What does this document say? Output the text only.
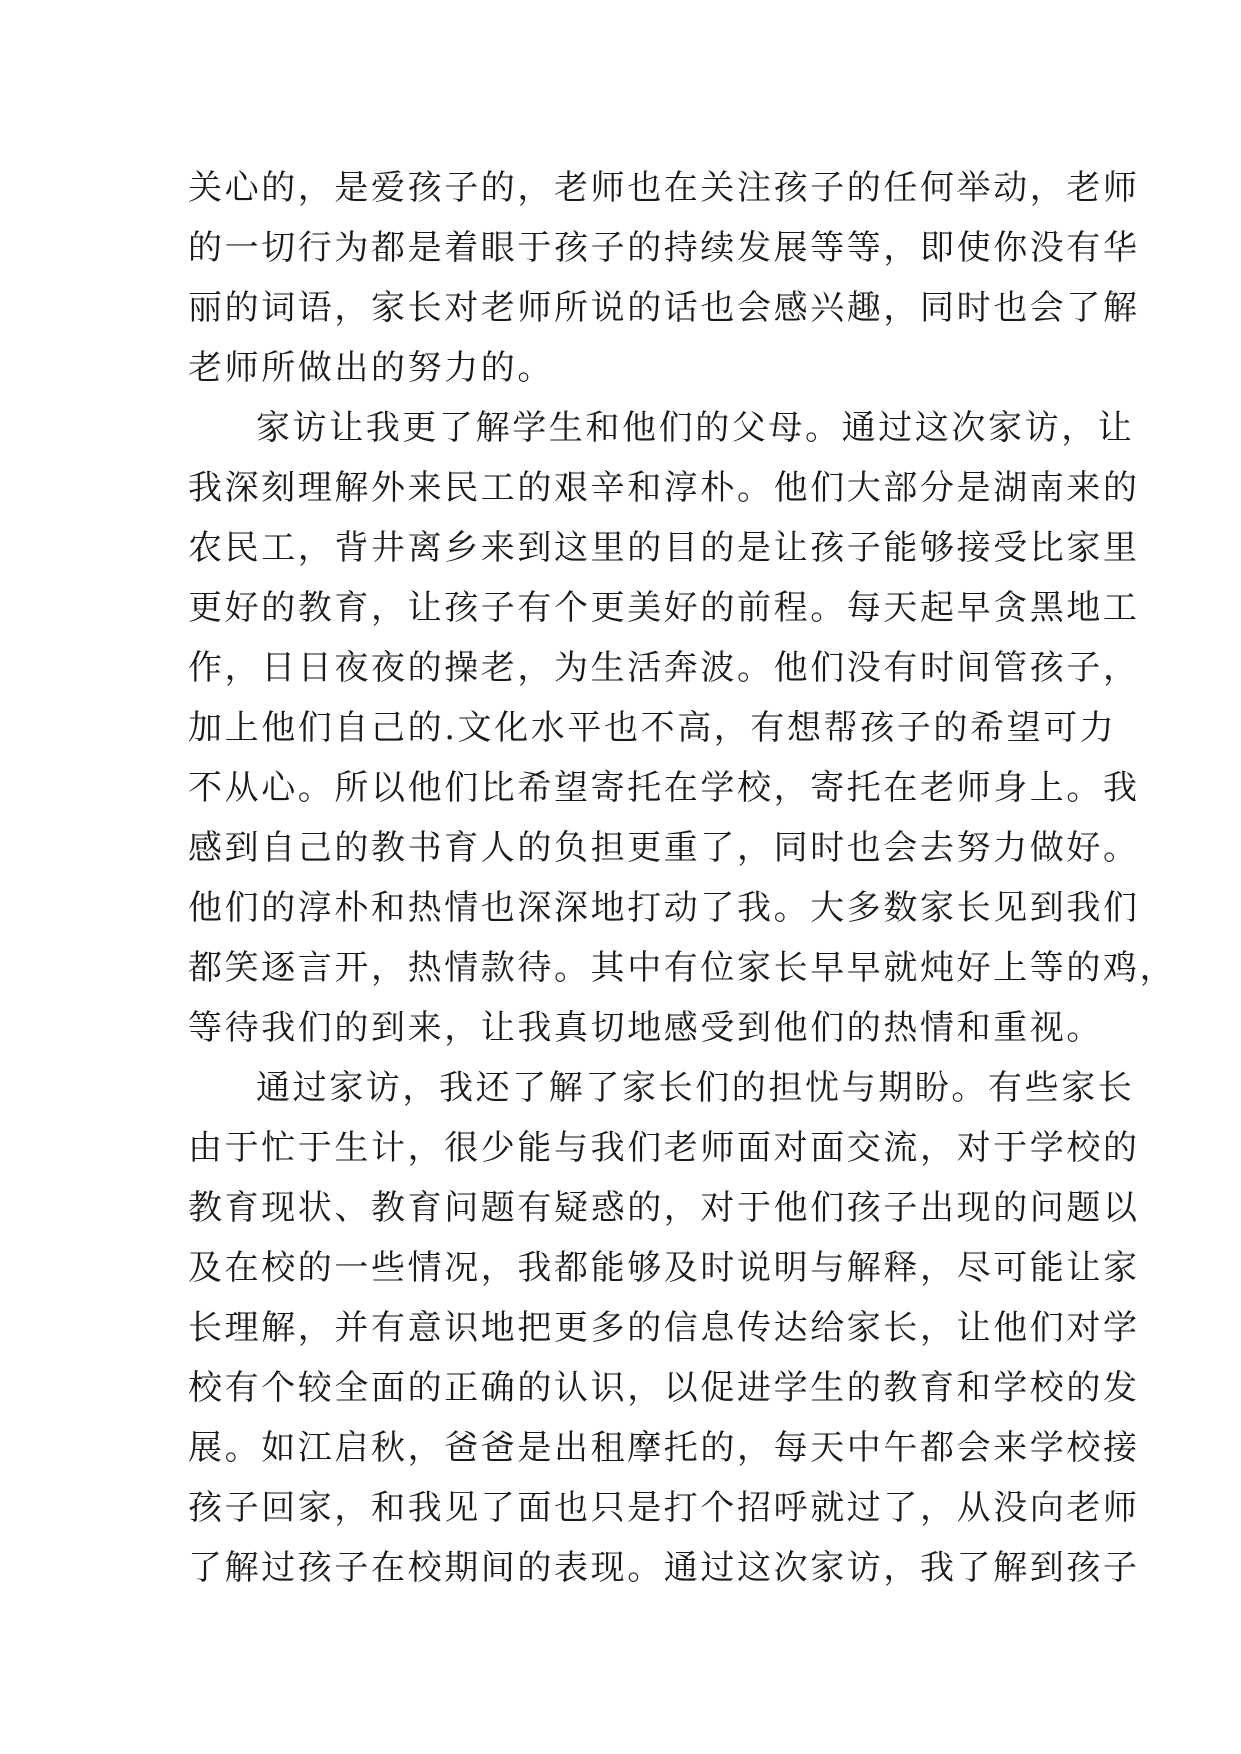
关心的，是爱孩子的，老师也在关注孩子的任何举动，老师
的一切行为都是着眼于孩子的持续发展等等，即使你没有华
丽的词语，家长对老师所说的话也会感兴趣，同时也会了解
老师所做出的努力的。
家访让我更了解学生和他们的父母。通过这次家访，让
我深刻理解外来民工的艰辛和淳朴。他们大部分是湖南来的
农民工，背井离乡来到这里的目的是让孩子能够接受比家里
更好的教育，让孩子有个更美好的前程。每天起早贪黑地工
作，日日夜夜的操老，为生活奔波。他们没有时间管孩子，
加上他们自己的.文化水平也不高，有想帮孩子的希望可力
不从心。所以他们比希望寄托在学校，寄托在老师身上。我
感到自己的教书育人的负担更重了，同时也会去努力做好。
他们的淳朴和热情也深深地打动了我。大多数家长见到我们
都笑逐言开，热情款待。其中有位家长早早就炖好上等的鸡，
等待我们的到来，让我真切地感受到他们的热情和重视。
通过家访，我还了解了家长们的担忧与期盼。有些家长
由于忙于生计，很少能与我们老师面对面交流，对于学校的
教育现状、教育问题有疑惑的，对于他们孩子出现的问题以
及在校的一些情况，我都能够及时说明与解释，尽可能让家
长理解，并有意识地把更多的信息传达给家长，让他们对学
校有个较全面的正确的认识，以促进学生的教育和学校的发
展。如江启秋，爸爸是出租摩托的，每天中午都会来学校接
孩子回家，和我见了面也只是打个招呼就过了，从没向老师
了解过孩子在校期间的表现。通过这次家访，我了解到孩子
